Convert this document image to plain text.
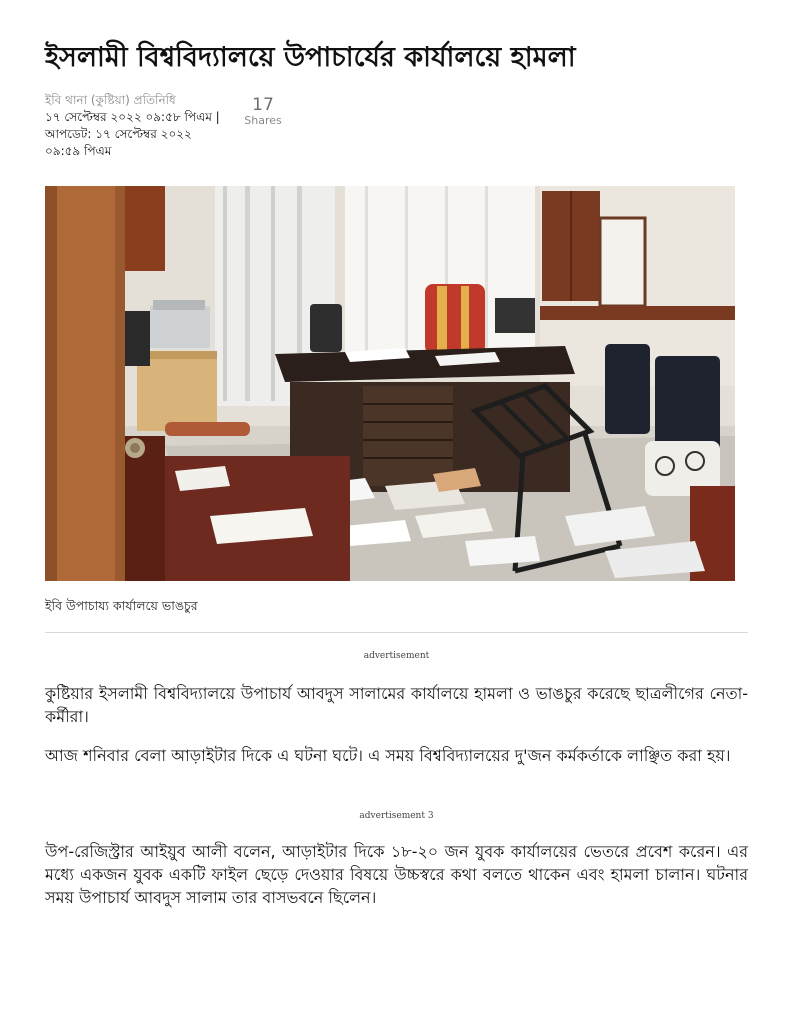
ইসলামী বিশ্ববিদ্যালয়ে উপাচার্যের কার্যালয়ে হামলা
ইবি থানা (কুষ্টিয়া) প্রতিনিধি
১৭ সেপ্টেম্বর ২০২২ ০৯:৫৮ পিএম | আপডেট: ১৭ সেপ্টেম্বর ২০২২ ০৯:৫৯ পিএম
17
Shares
ইবি উপাচায্য কার্যালয়ে ভাঙচুর
advertisement

কুষ্টিয়ার ইসলামী বিশ্ববিদ্যালয়ে উপাচার্য আবদুস সালামের কার্যালয়ে হামলা ও ভাঙচুর করেছে ছাত্রলীগের নেতা-কর্মীরা।

আজ শনিবার বেলা আড়াইটার দিকে এ ঘটনা ঘটে। এ সময় বিশ্ববিদ্যালয়ের দু'জন কর্মকর্তাকে লাঞ্ছিত করা হয়।

advertisement 3

উপ-রেজিস্ট্রার আইয়ুব আলী বলেন, আড়াইটার দিকে ১৮-২০ জন যুবক কার্যালয়ের ভেতরে প্রবেশ করেন। এর মধ্যে একজন যুবক একটি ফাইল ছেড়ে দেওয়ার বিষয়ে উচ্চস্বরে কথা বলতে থাকেন এবং হামলা চালান। ঘটনার সময় উপাচার্য আবদুস সালাম তার বাসভবনে ছিলেন।
